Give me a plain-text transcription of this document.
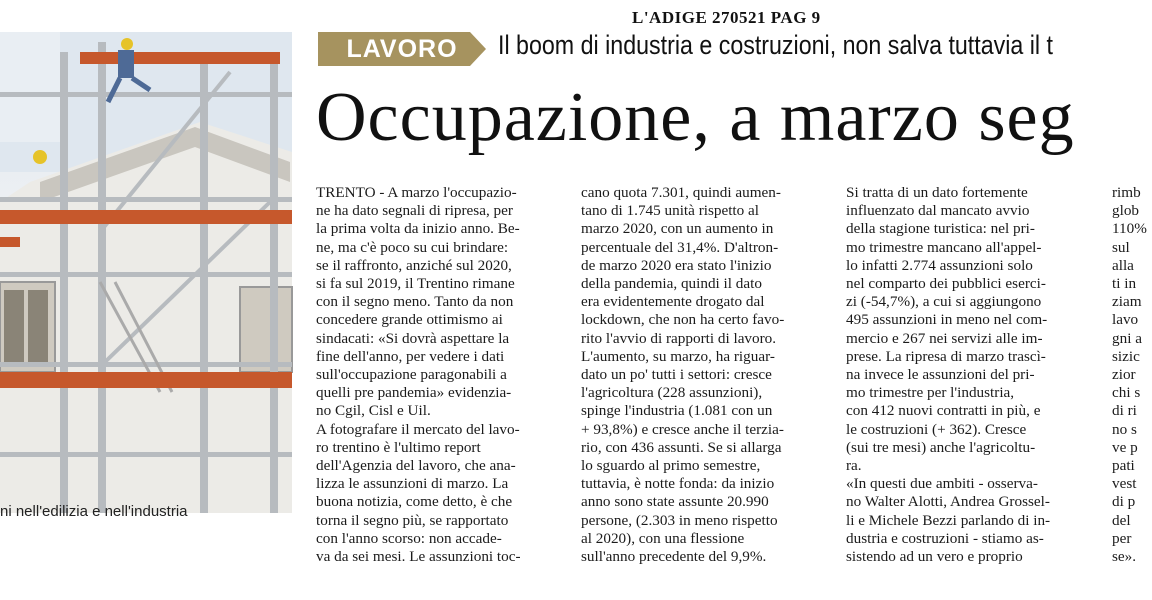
L'ADIGE 270521 PAG 9
ni nell'edilizia e nell'industria
LAVORO	Il boom di industria e costruzioni, non salva tuttavia il t
Occupazione, a marzo seg
TRENTO - A marzo l'occupazio-
ne ha dato segnali di ripresa, per
la prima volta da inizio anno. Be-
ne, ma c'è poco su cui brindare:
se il raffronto, anziché sul 2020,
si fa sul 2019, il Trentino rimane
con il segno meno. Tanto da non
concedere grande ottimismo ai
sindacati: «Si dovrà aspettare la
fine dell'anno, per vedere i dati
sull'occupazione paragonabili a
quelli pre pandemia» evidenzia-
no Cgil, Cisl e Uil.
A fotografare il mercato del lavo-
ro trentino è l'ultimo report
dell'Agenzia del lavoro, che ana-
lizza le assunzioni di marzo. La
buona notizia, come detto, è che
torna il segno più, se rapportato
con l'anno scorso: non accade-
va da sei mesi. Le assunzioni toc-
cano quota 7.301, quindi aumen-
tano di 1.745 unità rispetto al
marzo 2020, con un aumento in
percentuale del 31,4%. D'altron-
de marzo 2020 era stato l'inizio
della pandemia, quindi il dato
era evidentemente drogato dal
lockdown, che non ha certo favo-
rito l'avvio di rapporti di lavoro.
L'aumento, su marzo, ha riguar-
dato un po' tutti i settori: cresce
l'agricoltura (228 assunzioni),
spinge l'industria (1.081 con un
+ 93,8%) e cresce anche il terzia-
rio, con 436 assunti. Se si allarga
lo sguardo al primo semestre,
tuttavia, è notte fonda: da inizio
anno sono state assunte 20.990
persone, (2.303 in meno rispetto
al 2020), con una flessione
sull'anno precedente del 9,9%.
Si tratta di un dato fortemente
influenzato dal mancato avvio
della stagione turistica: nel pri-
mo trimestre mancano all'appel-
lo infatti 2.774 assunzioni solo
nel comparto dei pubblici eserci-
zi (-54,7%), a cui si aggiungono
495 assunzioni in meno nel com-
mercio e 267 nei servizi alle im-
prese. La ripresa di marzo trascì-
na invece le assunzioni del pri-
mo trimestre per l'industria,
con 412 nuovi contratti in più, e
le costruzioni (+ 362). Cresce
(sui tre mesi) anche l'agricoltu-
ra.
«In questi due ambiti - osserva-
no Walter Alotti, Andrea Grossel-
li e Michele Bezzi parlando di in-
dustria e costruzioni - stiamo as-
sistendo ad un vero e proprio
rimb
glob
110%
sul
alla
ti in
ziam
lavo
gni a
sizic
zior
chi s
di ri
no s
ve p
pati
vest
di p
del
per
se».
